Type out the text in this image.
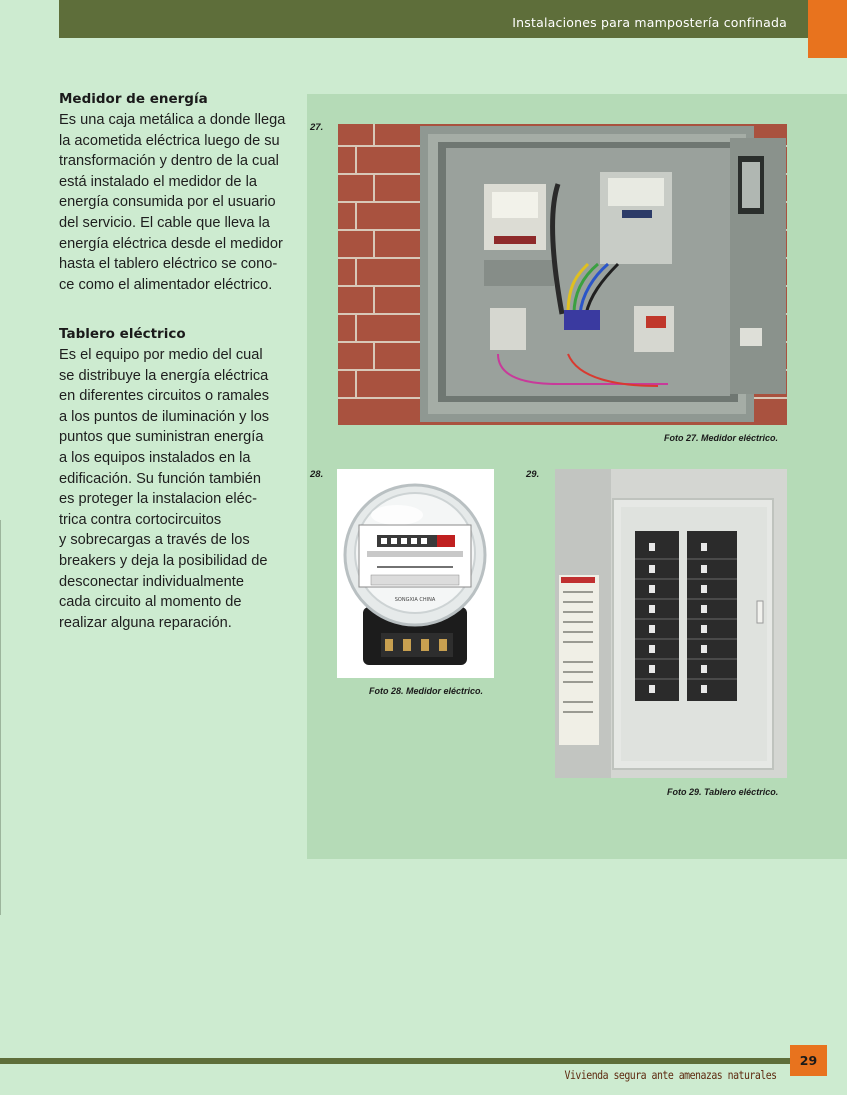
Instalaciones para mampostería confinada
Medidor de energía

Es una caja metálica a donde llega
la acometida eléctrica luego de su
transformación y dentro de la cual
está instalado el medidor de la
energía consumida por el usuario
del servicio. El cable que lleva la
energía eléctrica desde el medidor
hasta el tablero eléctrico se cono-
ce como el alimentador eléctrico.

Tablero eléctrico

Es el equipo por medio del cual
se distribuye la energía eléctrica
en diferentes circuitos o ramales
a los puntos de iluminación y los
puntos que suministran energía
a los equipos instalados en la
edificación. Su función también
es proteger la instalacion eléc-
trica contra cortocircuitos
y sobrecargas a través de los
breakers y deja la posibilidad de
desconectar individualmente
cada circuito al momento de
realizar alguna reparación.

27.
Foto 27. Medidor eléctrico.
28.
SONGXIA CHINA
Foto 28. Medidor eléctrico.
29.
Foto 29. Tablero eléctrico.
29
Vivienda segura ante amenazas naturales
